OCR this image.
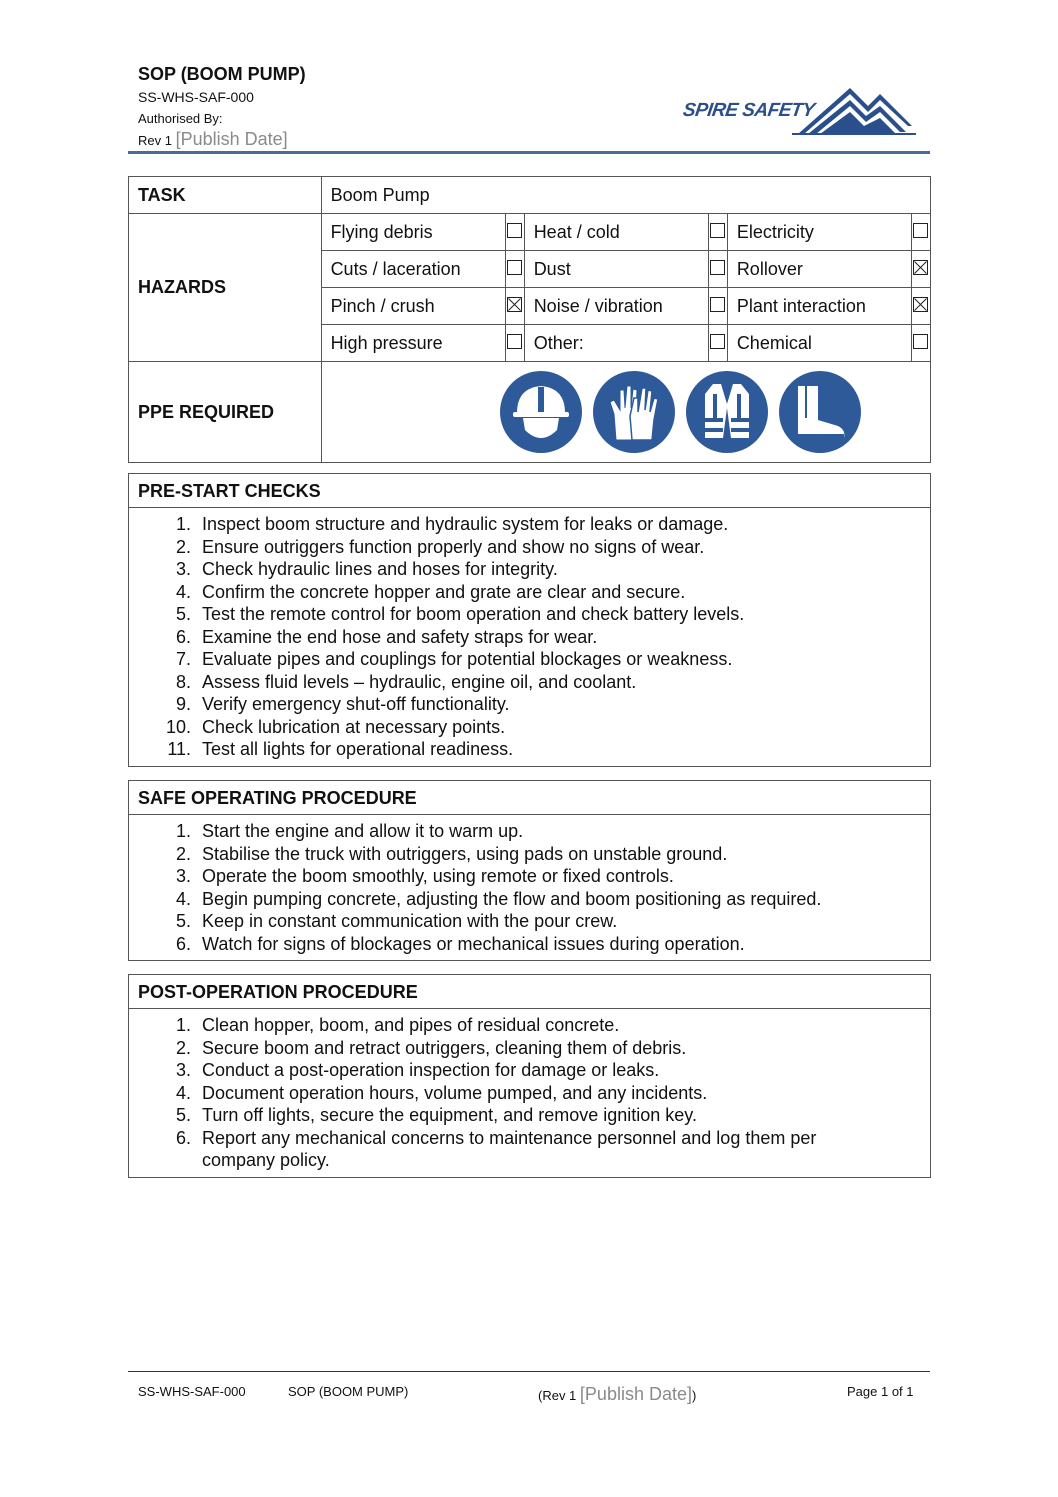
SOP (BOOM PUMP)
SS-WHS-SAF-000
Authorised By:
Rev 1 [Publish Date]
SPIRE SAFETY
TASK	Boom Pump					
HAZARDS	Flying debris		Heat / cold		Electricity	
	Cuts / laceration		Dust		Rollover	
	Pinch / crush		Noise / vibration		Plant interaction	
	High pressure		Other:		Chemical	
PPE REQUIRED	
PRE-START CHECKS
1. Inspect boom structure and hydraulic system for leaks or damage.
2. Ensure outriggers function properly and show no signs of wear.
3. Check hydraulic lines and hoses for integrity.
4. Confirm the concrete hopper and grate are clear and secure.
5. Test the remote control for boom operation and check battery levels.
6. Examine the end hose and safety straps for wear.
7. Evaluate pipes and couplings for potential blockages or weakness.
8. Assess fluid levels – hydraulic, engine oil, and coolant.
9. Verify emergency shut-off functionality.
10. Check lubrication at necessary points.
11. Test all lights for operational readiness.
SAFE OPERATING PROCEDURE
1. Start the engine and allow it to warm up.
2. Stabilise the truck with outriggers, using pads on unstable ground.
3. Operate the boom smoothly, using remote or fixed controls.
4. Begin pumping concrete, adjusting the flow and boom positioning as required.
5. Keep in constant communication with the pour crew.
6. Watch for signs of blockages or mechanical issues during operation.
POST-OPERATION PROCEDURE
1. Clean hopper, boom, and pipes of residual concrete.
2. Secure boom and retract outriggers, cleaning them of debris.
3. Conduct a post-operation inspection for damage or leaks.
4. Document operation hours, volume pumped, and any incidents.
5. Turn off lights, secure the equipment, and remove ignition key.
6. Report any mechanical concerns to maintenance personnel and log them per company policy.
SS-WHS-SAF-000	SOP (BOOM PUMP)	(Rev 1 [Publish Date])	Page 1 of 1
